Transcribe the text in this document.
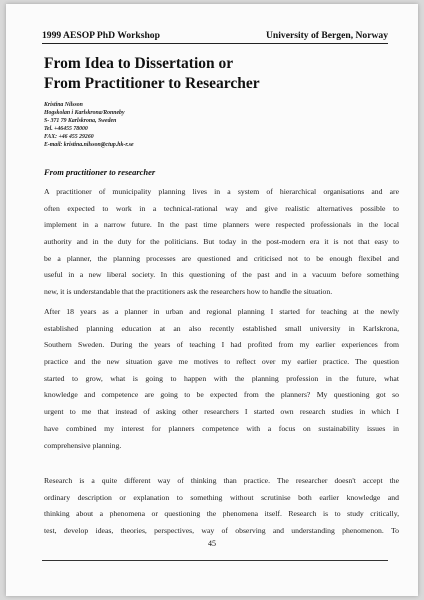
1999 AESOP PhD Workshop	University of Bergen, Norway
From Idea to Dissertation or
From Practitioner to Researcher
Kristina Nilsson
Hogskolan i Karlskrona/Ronneby
S- 371 79 Karlskrona, Sweden
Tel. +46455 78000
FAX: +46 455 29260
E-mail: kristina.nilsson@ctup.hk-r.se
From practitioner to researcher
A practitioner of municipality planning lives in a system of hierarchical organisations and are
often expected to work in a technical-rational way and give realistic alternatives possible to
implement in a narrow future. In the past time planners were respected professionals in the local
authority and in the duty for the politicians. But today in the post-modern era it is not that easy to
be a planner, the planning processes are questioned and criticised not to be enough flexibel and
useful in a new liberal society. In this questioning of the past and in a vacuum before something
new, it is understandable that the practitioners ask the researchers how to handle the situation.
After 18 years as a planner in urban and regional planning I started for teaching at the newly
established planning education at an also recently established small university in Karlskrona,
Southern Sweden. During the years of teaching I had profited from my earlier experiences from
practice and the new situation gave me motives to reflect over my earlier practice. The question
started to grow, what is going to happen with the planning profession in the future, what
knowledge and competence are going to be expected from the planners? My questioning got so
urgent to me that instead of asking other researchers I started own research studies in which I
have combined my interest for planners competence with a focus on sustainability issues in
comprehensive planning.
Research is a quite different way of thinking than practice. The researcher doesn't accept the
ordinary description or explanation to something without scrutinise both earlier knowledge and
thinking about a phenomena or questioning the phenomena itself. Research is to study critically,
test, develop ideas, theories, perspectives, way of observing and understanding phenomenon. To
45
